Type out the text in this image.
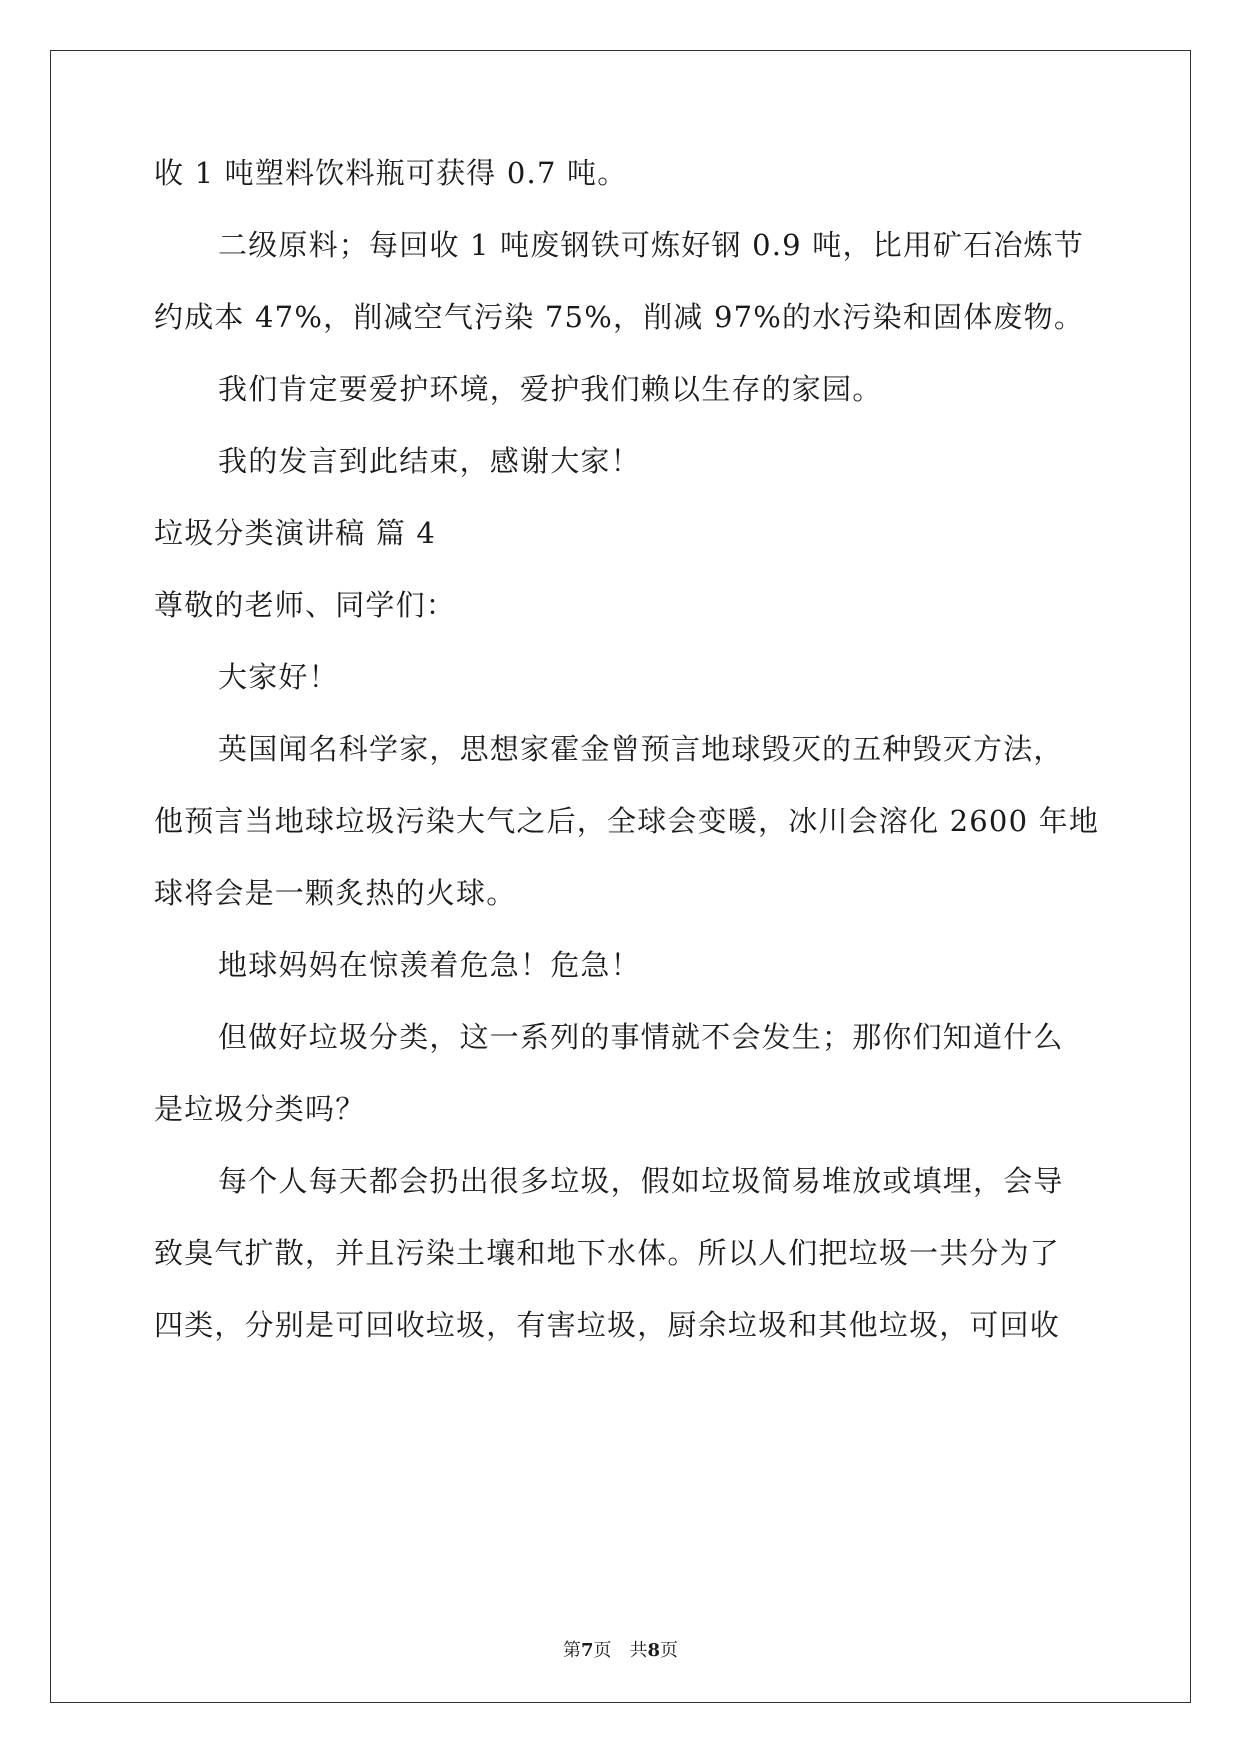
收 1 吨塑料饮料瓶可获得 0.7 吨。
二级原料；每回收 1 吨废钢铁可炼好钢 0.9 吨，比用矿石冶炼节
约成本 47%，削减空气污染 75%，削减 97%的水污染和固体废物。
我们肯定要爱护环境，爱护我们赖以生存的家园。
我的发言到此结束，感谢大家！
垃圾分类演讲稿 篇 4
尊敬的老师、同学们：
大家好！
英国闻名科学家，思想家霍金曾预言地球毁灭的五种毁灭方法，
他预言当地球垃圾污染大气之后，全球会变暖，冰川会溶化 2600 年地
球将会是一颗炙热的火球。
地球妈妈在惊羡着危急！危急！
但做好垃圾分类，这一系列的事情就不会发生；那你们知道什么
是垃圾分类吗？
每个人每天都会扔出很多垃圾，假如垃圾简易堆放或填埋，会导
致臭气扩散，并且污染土壤和地下水体。所以人们把垃圾一共分为了
四类，分别是可回收垃圾，有害垃圾，厨余垃圾和其他垃圾，可回收
第7页　共8页
